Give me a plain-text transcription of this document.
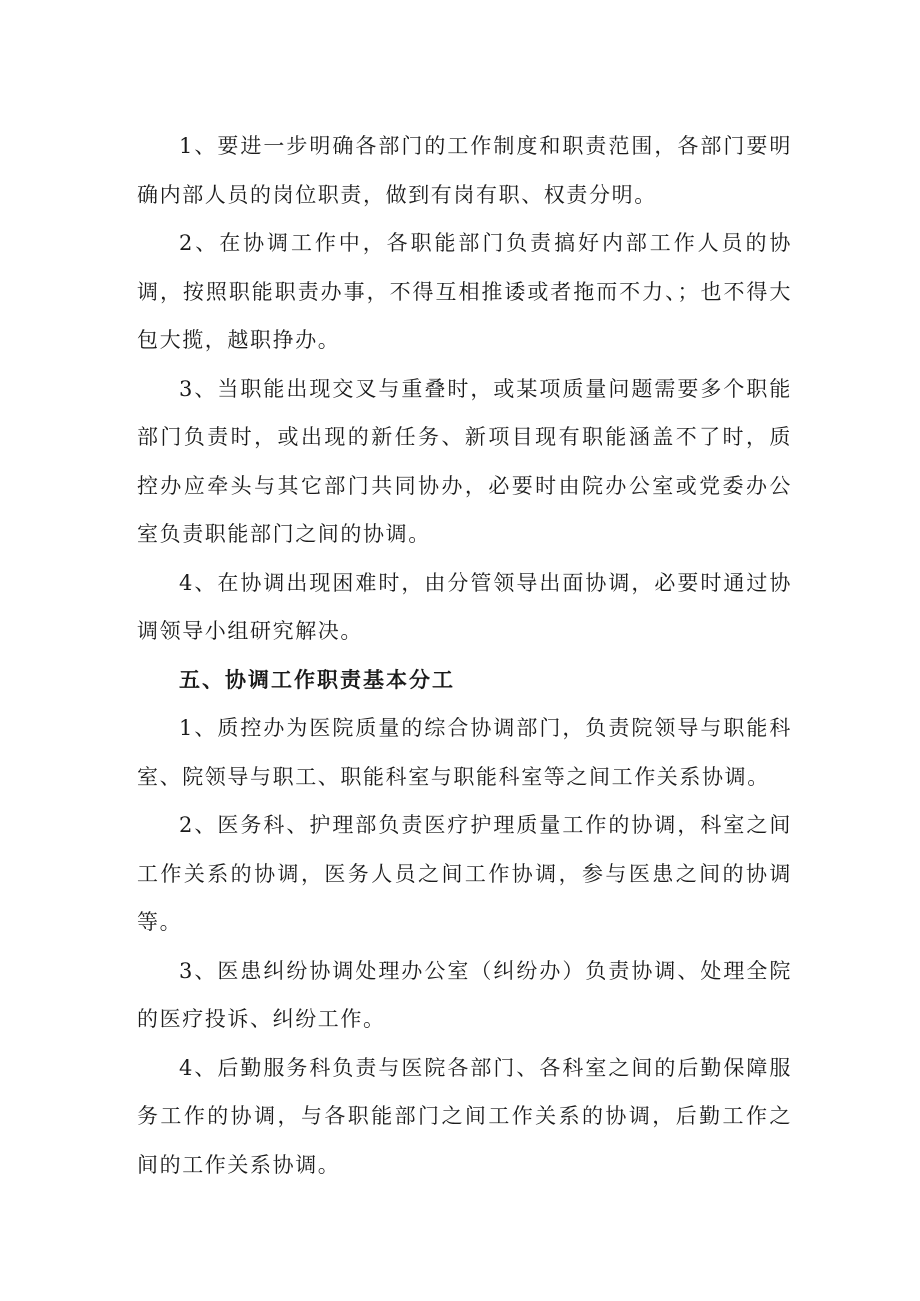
1、要进一步明确各部门的工作制度和职责范围，各部门要明确内部人员的岗位职责，做到有岗有职、权责分明。

2、在协调工作中，各职能部门负责搞好内部工作人员的协调，按照职能职责办事，不得互相推诿或者拖而不力、；也不得大包大揽，越职挣办。

3、当职能出现交叉与重叠时，或某项质量问题需要多个职能部门负责时，或出现的新任务、新项目现有职能涵盖不了时，质控办应牵头与其它部门共同协办，必要时由院办公室或党委办公室负责职能部门之间的协调。

4、在协调出现困难时，由分管领导出面协调，必要时通过协调领导小组研究解决。

五、协调工作职责基本分工

1、质控办为医院质量的综合协调部门，负责院领导与职能科室、院领导与职工、职能科室与职能科室等之间工作关系协调。

2、医务科、护理部负责医疗护理质量工作的协调，科室之间工作关系的协调，医务人员之间工作协调，参与医患之间的协调等。

3、医患纠纷协调处理办公室（纠纷办）负责协调、处理全院的医疗投诉、纠纷工作。

4、后勤服务科负责与医院各部门、各科室之间的后勤保障服务工作的协调，与各职能部门之间工作关系的协调，后勤工作之间的工作关系协调。
